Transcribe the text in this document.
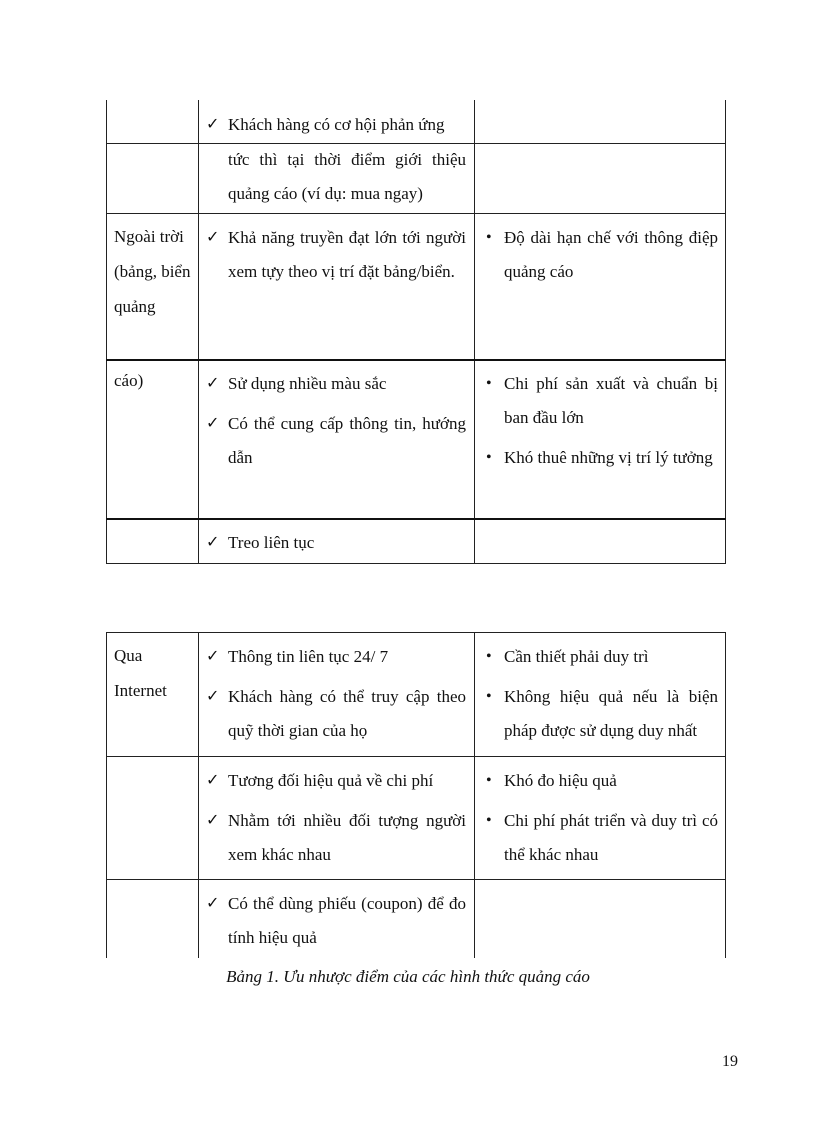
✓ Khách hàng có cơ hội phản ứng
tức thì tại thời điểm giới thiệu quảng cáo (ví dụ: mua ngay)
Ngoài trời (bảng, biển quảng
✓ Khả năng truyền đạt lớn tới người xem tựy theo vị trí đặt bảng/biển.
• Độ dài hạn chế với thông điệp quảng cáo
cáo)	✓ Sử dụng nhiều màu sắc
✓ Có thể cung cấp thông tin, hướng dẫn
• Chi phí sản xuất và chuẩn bị ban đầu lớn
• Khó thuê những vị trí lý tưởng
✓ Treo liên tục
Qua Internet
✓ Thông tin liên tục 24/ 7
✓ Khách hàng có thể truy cập theo quỹ thời gian của họ
• Cần thiết phải duy trì
• Không hiệu quả nếu là biện pháp được sử dụng duy nhất
✓ Tương đối hiệu quả về chi phí
✓ Nhằm tới nhiều đối tượng người xem khác nhau
• Khó đo hiệu quả
• Chi phí phát triển và duy trì có thể khác nhau
✓ Có thể dùng phiếu (coupon) để đo tính hiệu quả
Bảng 1. Ưu nhược điểm của các hình thức quảng cáo
19
